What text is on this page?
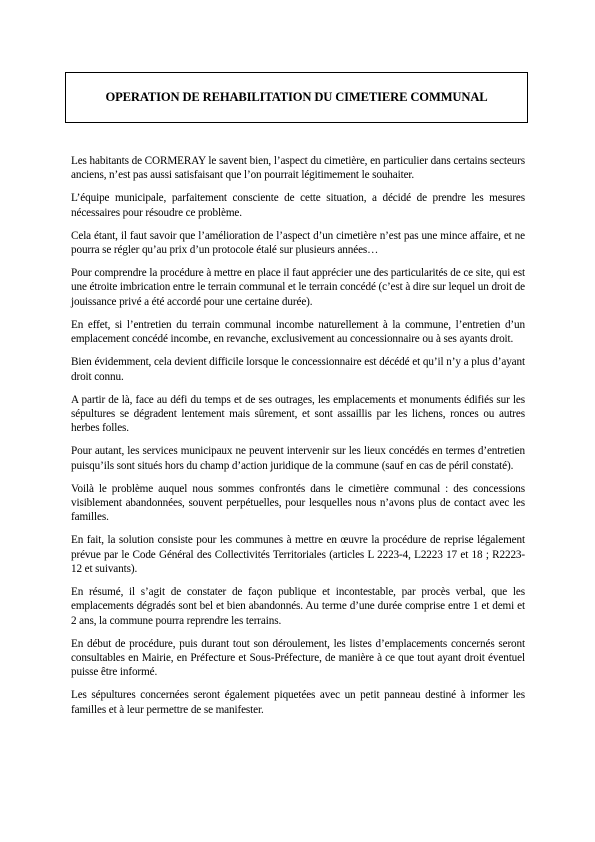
OPERATION DE REHABILITATION DU CIMETIERE COMMUNAL

Les habitants de CORMERAY le savent bien, l’aspect du cimetière, en particulier dans certains secteurs anciens, n’est pas aussi satisfaisant que l’on pourrait légitimement le souhaiter.

L’équipe municipale, parfaitement consciente de cette situation, a décidé de prendre les mesures nécessaires pour résoudre ce problème.

Cela étant, il faut savoir que l’amélioration de l’aspect d’un cimetière n’est pas une mince affaire, et ne pourra se régler qu’au prix d’un protocole étalé sur plusieurs années…

Pour comprendre la procédure à mettre en place il faut apprécier une des particularités de ce site, qui est une étroite imbrication entre le terrain communal et le terrain concédé (c’est à dire sur lequel un droit de jouissance privé a été accordé pour une certaine durée).

En effet, si l’entretien du terrain communal incombe naturellement à la commune, l’entretien d’un emplacement concédé incombe, en revanche, exclusivement au concessionnaire ou à ses ayants droit.

Bien évidemment, cela devient difficile lorsque le concessionnaire est décédé et qu’il n’y a plus d’ayant droit connu.

A partir de là, face au défi du temps et de ses outrages, les emplacements et monuments édifiés sur les sépultures se dégradent lentement mais sûrement, et sont assaillis par les lichens, ronces ou autres herbes folles.

Pour autant, les services municipaux ne peuvent intervenir sur les lieux concédés en termes d’entretien puisqu’ils sont situés hors du champ d’action juridique de la commune (sauf en cas de péril constaté).

Voilà le problème auquel nous sommes confrontés dans le cimetière communal : des concessions visiblement abandonnées, souvent perpétuelles, pour lesquelles nous n’avons plus de contact avec les familles.

En fait, la solution consiste pour les communes à mettre en œuvre la procédure de reprise légalement prévue par le Code Général des Collectivités Territoriales (articles L 2223-4, L2223 17 et 18 ; R2223-12 et suivants).

En résumé, il s’agit de constater de façon publique et incontestable, par procès verbal, que les emplacements dégradés sont bel et bien abandonnés. Au terme d’une durée comprise entre 1 et demi et 2 ans, la commune pourra reprendre les terrains.

En début de procédure, puis durant tout son déroulement, les listes d’emplacements concernés seront consultables en Mairie, en Préfecture et Sous-Préfecture, de manière à ce que tout ayant droit éventuel puisse être informé.

Les sépultures concernées seront également piquetées avec un petit panneau destiné à informer les familles et à leur permettre de se manifester.
